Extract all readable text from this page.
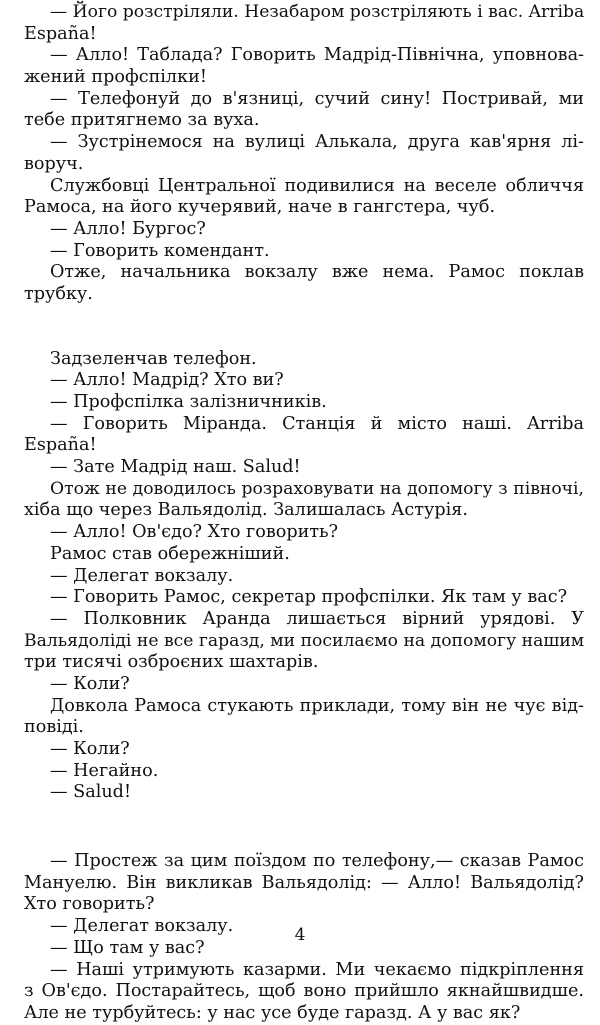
— Його розстріляли. Незабаром розстріляють і вас. Arriba
España!
— Алло! Таблада? Говорить Мадрід-Північна, уповнова-
жений профспілки!
— Телефонуй до в'язниці, сучий сину! Постривай, ми
тебе притягнемо за вуха.
— Зустрінемося на вулиці Алькала, друга кав'ярня лі-
воруч.
Службовці Центральної подивилися на веселе обличчя
Рамоса, на його кучерявий, наче в гангстера, чуб.
— Алло! Бургос?
— Говорить комендант.
Отже, начальника вокзалу вже нема. Рамос поклав
трубку.
Задзеленчав телефон.
— Алло! Мадрід? Хто ви?
— Профспілка залізничників.
— Говорить Міранда. Станція й місто наші. Arriba
España!
— Зате Мадрід наш. Salud!
Отож не доводилось розраховувати на допомогу з півночі,
хіба що через Вальядолід. Залишалась Астурія.
— Алло! Ов'єдо? Хто говорить?
Рамос став обережніший.
— Делегат вокзалу.
— Говорить Рамос, секретар профспілки. Як там у вас?
— Полковник Аранда лишається вірний урядові. У
Вальядоліді не все гаразд, ми посилаємо на допомогу нашим
три тисячі озброєних шахтарів.
— Коли?
Довкола Рамоса стукають приклади, тому він не чує від-
повіді.
— Коли?
— Негайно.
— Salud!
— Простеж за цим поїздом по телефону,— сказав Рамос
Мануелю. Він викликав Вальядолід: — Алло! Вальядолід?
Хто говорить?
— Делегат вокзалу.
— Що там у вас?
— Наші утримують казарми. Ми чекаємо підкріплення
з Ов'єдо. Постарайтесь, щоб воно прийшло якнайшвидше.
Але не турбуйтесь: у нас усе буде гаразд. А у вас як?
4
